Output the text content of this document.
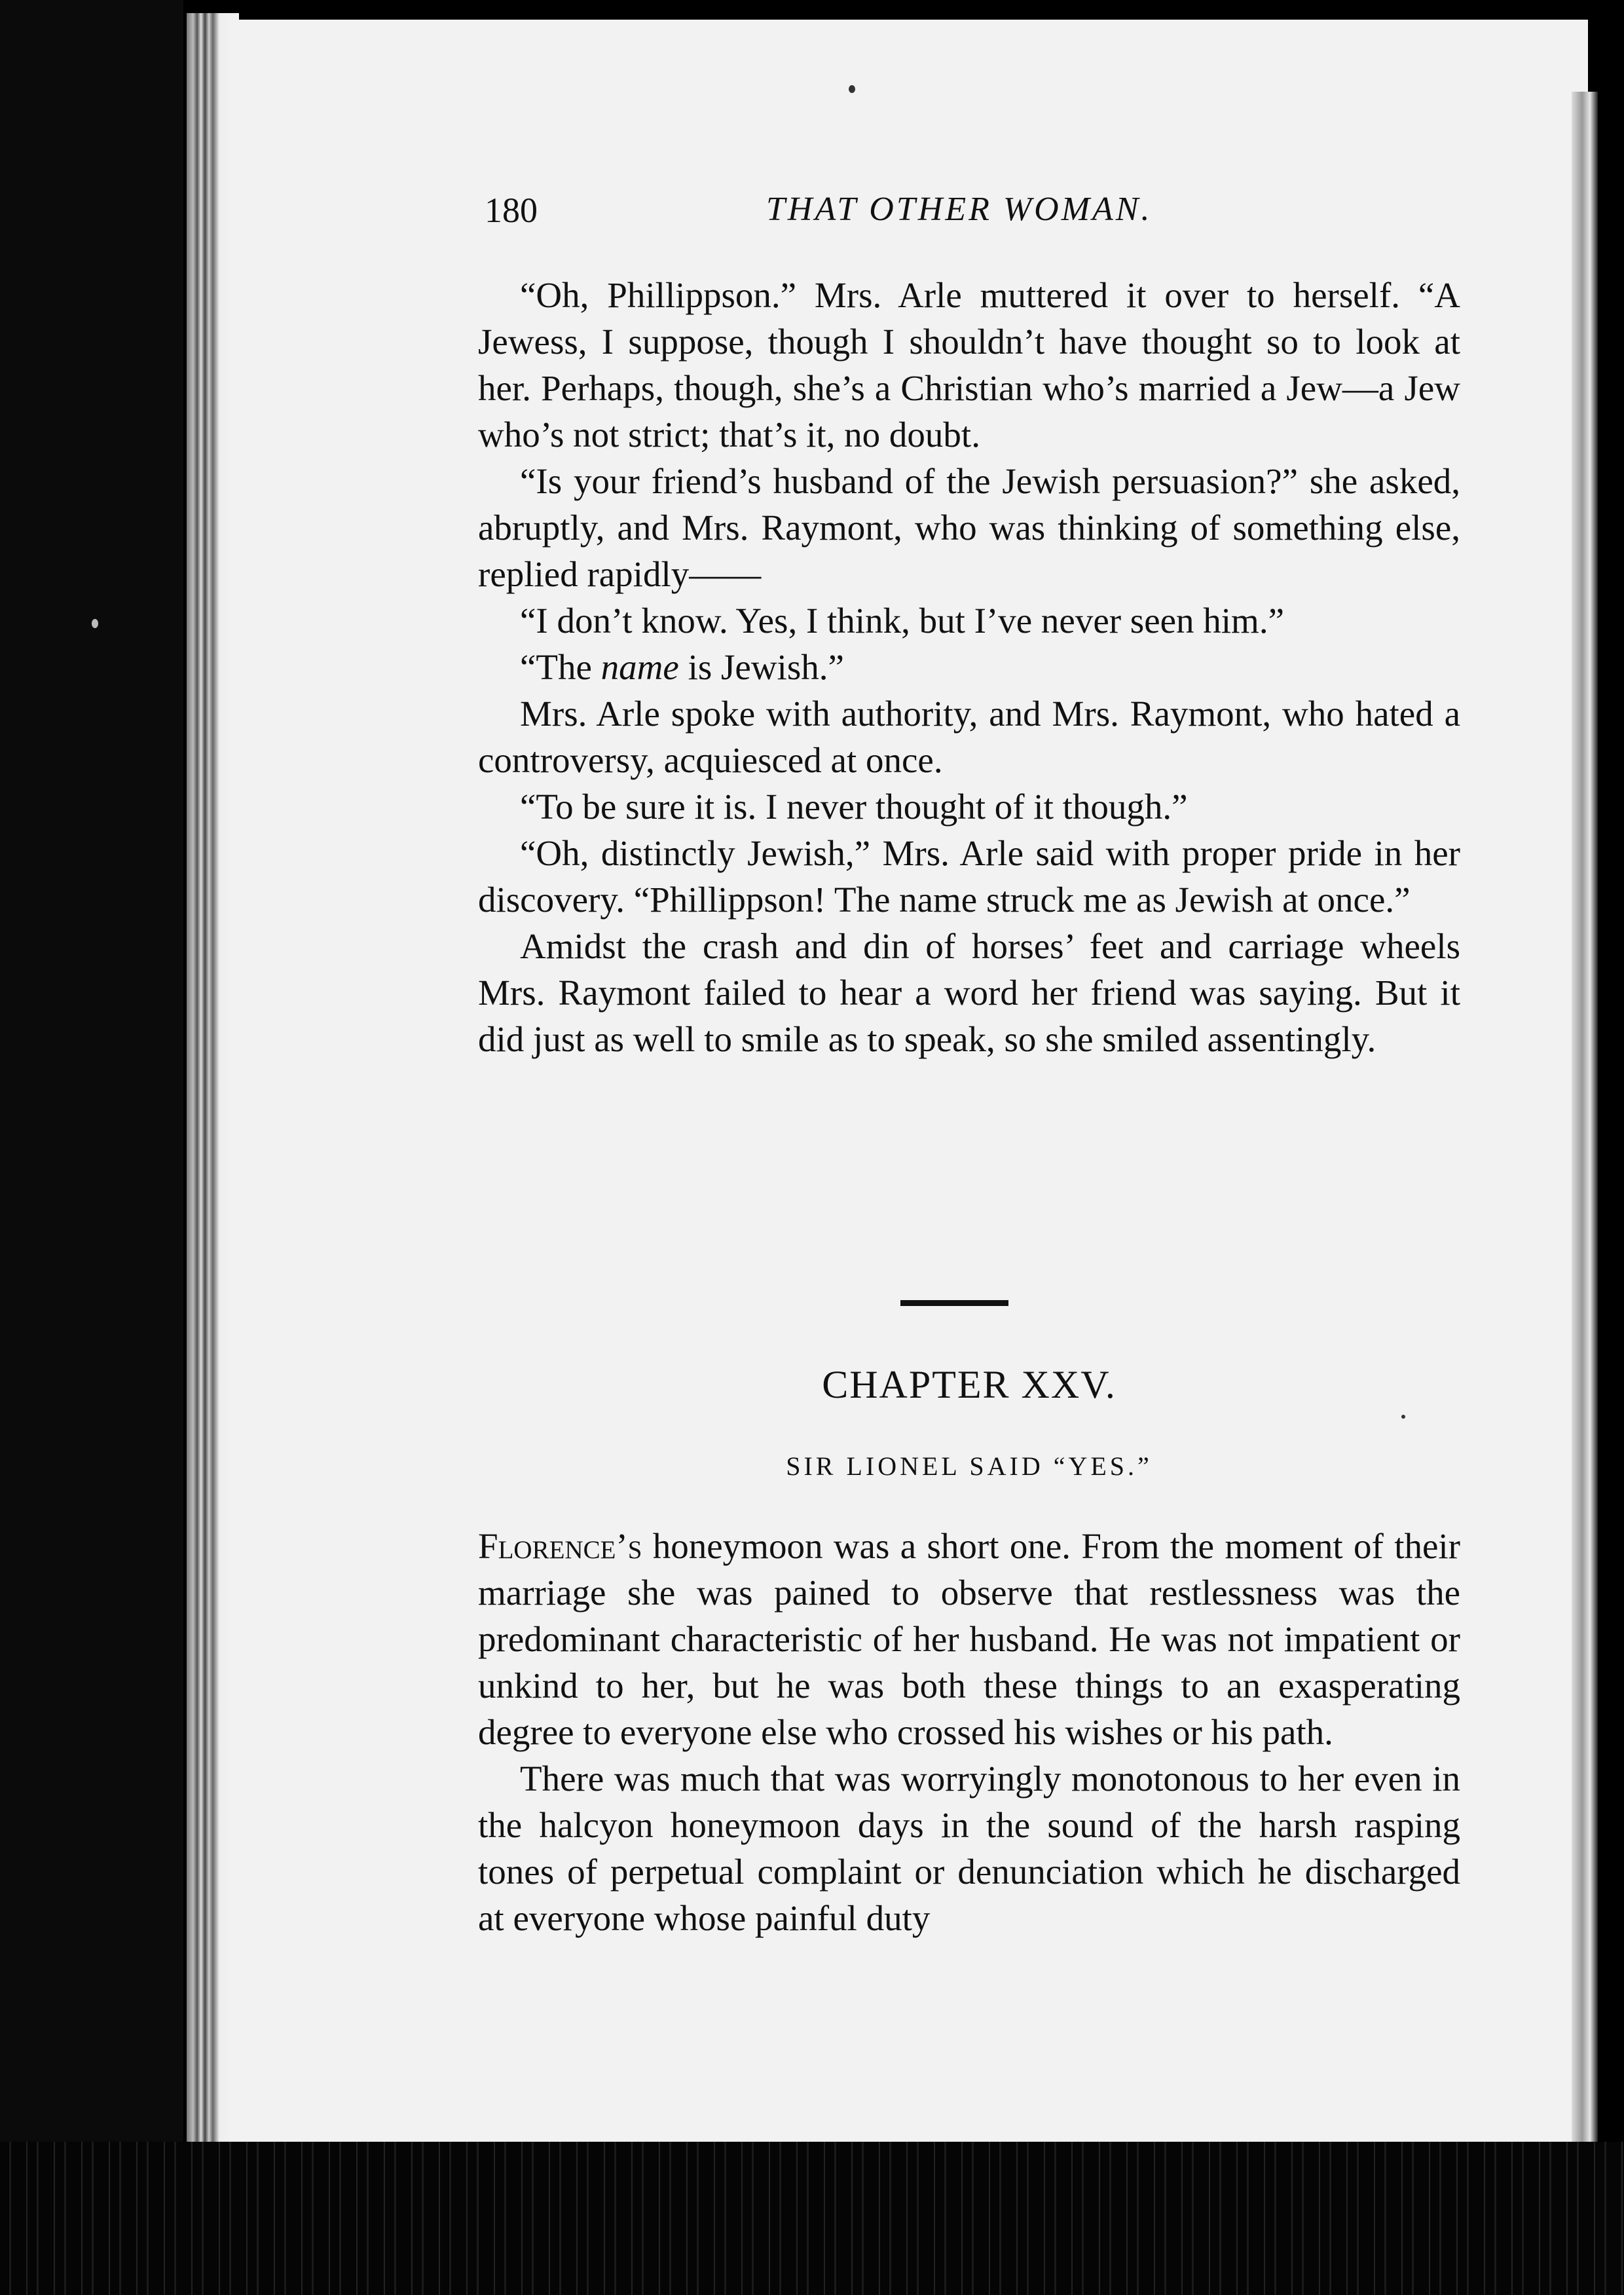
180	THAT OTHER WOMAN.

“Oh, Phillippson.” Mrs. Arle muttered it over to herself. “A Jewess, I suppose, though I shouldn’t have thought so to look at her. Perhaps, though, she’s a Christian who’s married a Jew—a Jew who’s not strict; that’s it, no doubt.

“Is your friend’s husband of the Jewish persuasion?” she asked, abruptly, and Mrs. Raymont, who was thinking of something else, replied rapidly——

“I don’t know. Yes, I think, but I’ve never seen him.”

“The name is Jewish.”

Mrs. Arle spoke with authority, and Mrs. Raymont, who hated a controversy, acquiesced at once.

“To be sure it is. I never thought of it though.”

“Oh, distinctly Jewish,” Mrs. Arle said with proper pride in her discovery. “Phillippson! The name struck me as Jewish at once.”

Amidst the crash and din of horses’ feet and carriage wheels Mrs. Raymont failed to hear a word her friend was saying. But it did just as well to smile as to speak, so she smiled assentingly.

CHAPTER XXV.
SIR LIONEL SAID “YES.”

Florence’s honeymoon was a short one. From the moment of their marriage she was pained to observe that restlessness was the predominant characteristic of her husband. He was not impatient or unkind to her, but he was both these things to an exasperating degree to everyone else who crossed his wishes or his path.

There was much that was worryingly monotonous to her even in the halcyon honeymoon days in the sound of the harsh rasping tones of perpetual complaint or denunciation which he discharged at everyone whose painful duty
